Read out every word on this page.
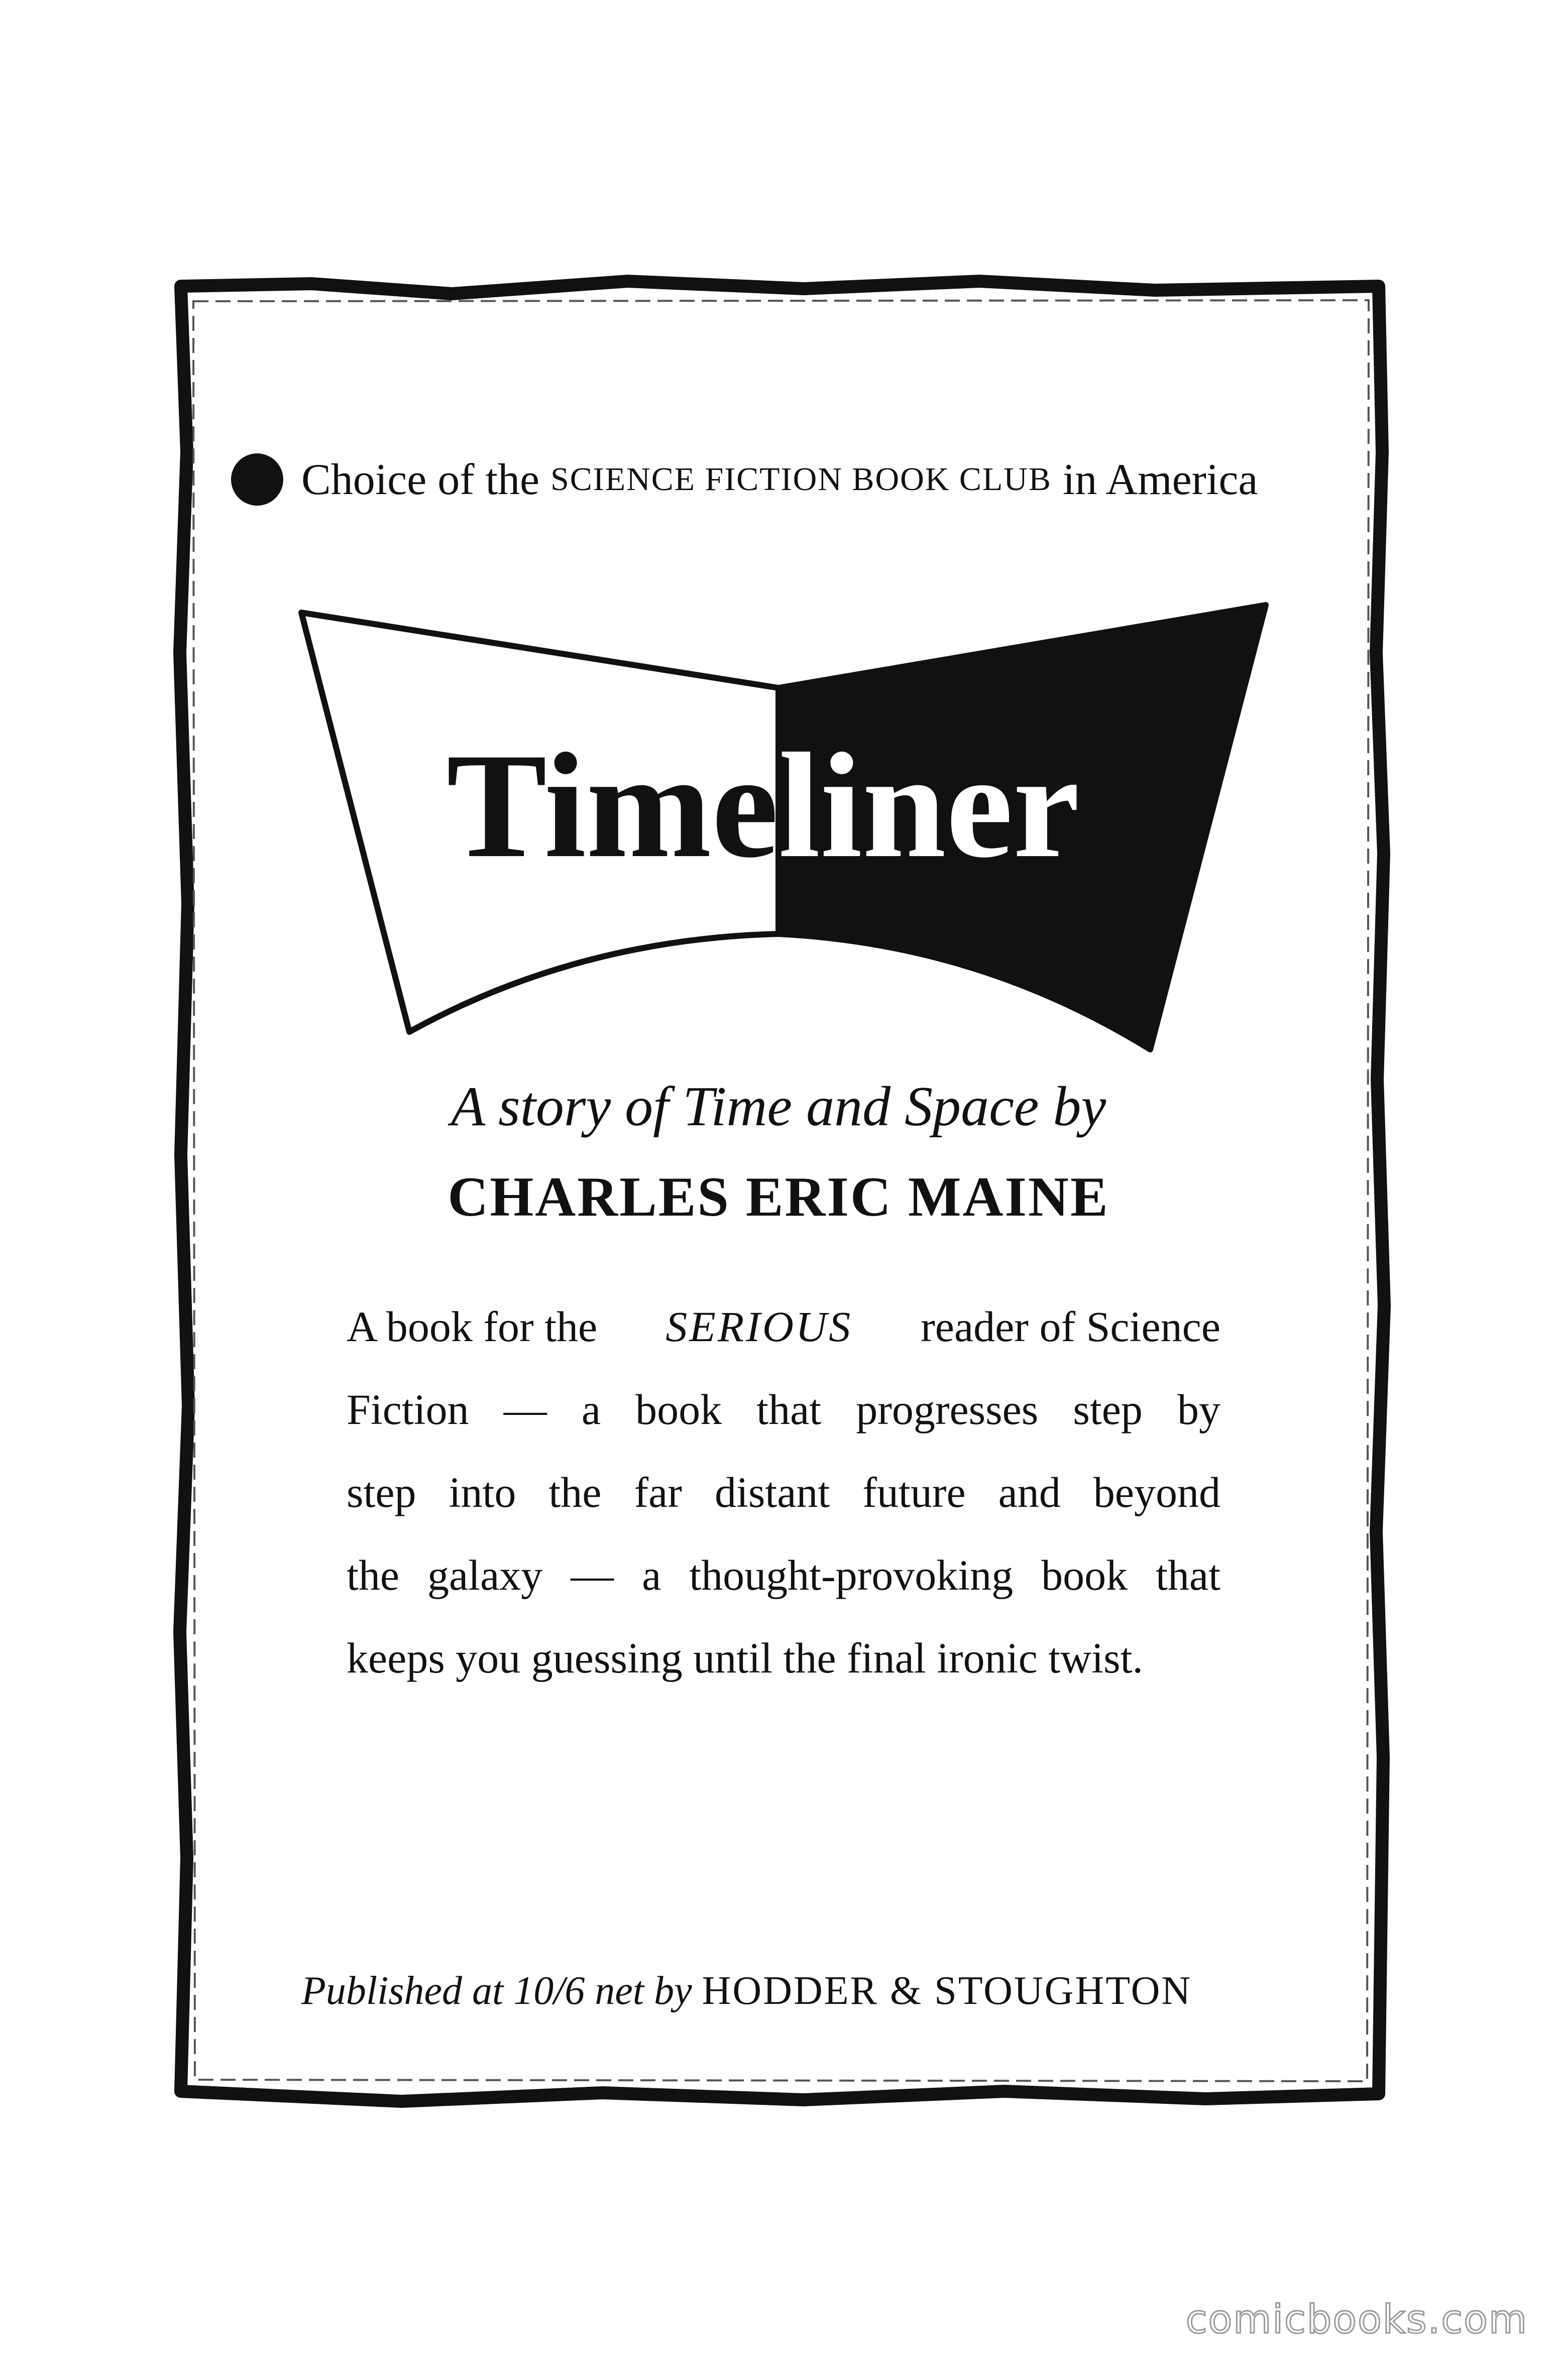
Choice of the
SCIENCE FICTION BOOK CLUB
in America
Time liner
A story of Time and Space by
CHARLES ERIC MAINE
A book for the SERIOUS reader of Science
Fiction — a book that progresses step by
step into the far distant future and beyond
the galaxy — a thought-provoking book that
keeps you guessing until the final ironic twist.
Published at 10/6 net by HODDER & STOUGHTON
comicbooks.com
